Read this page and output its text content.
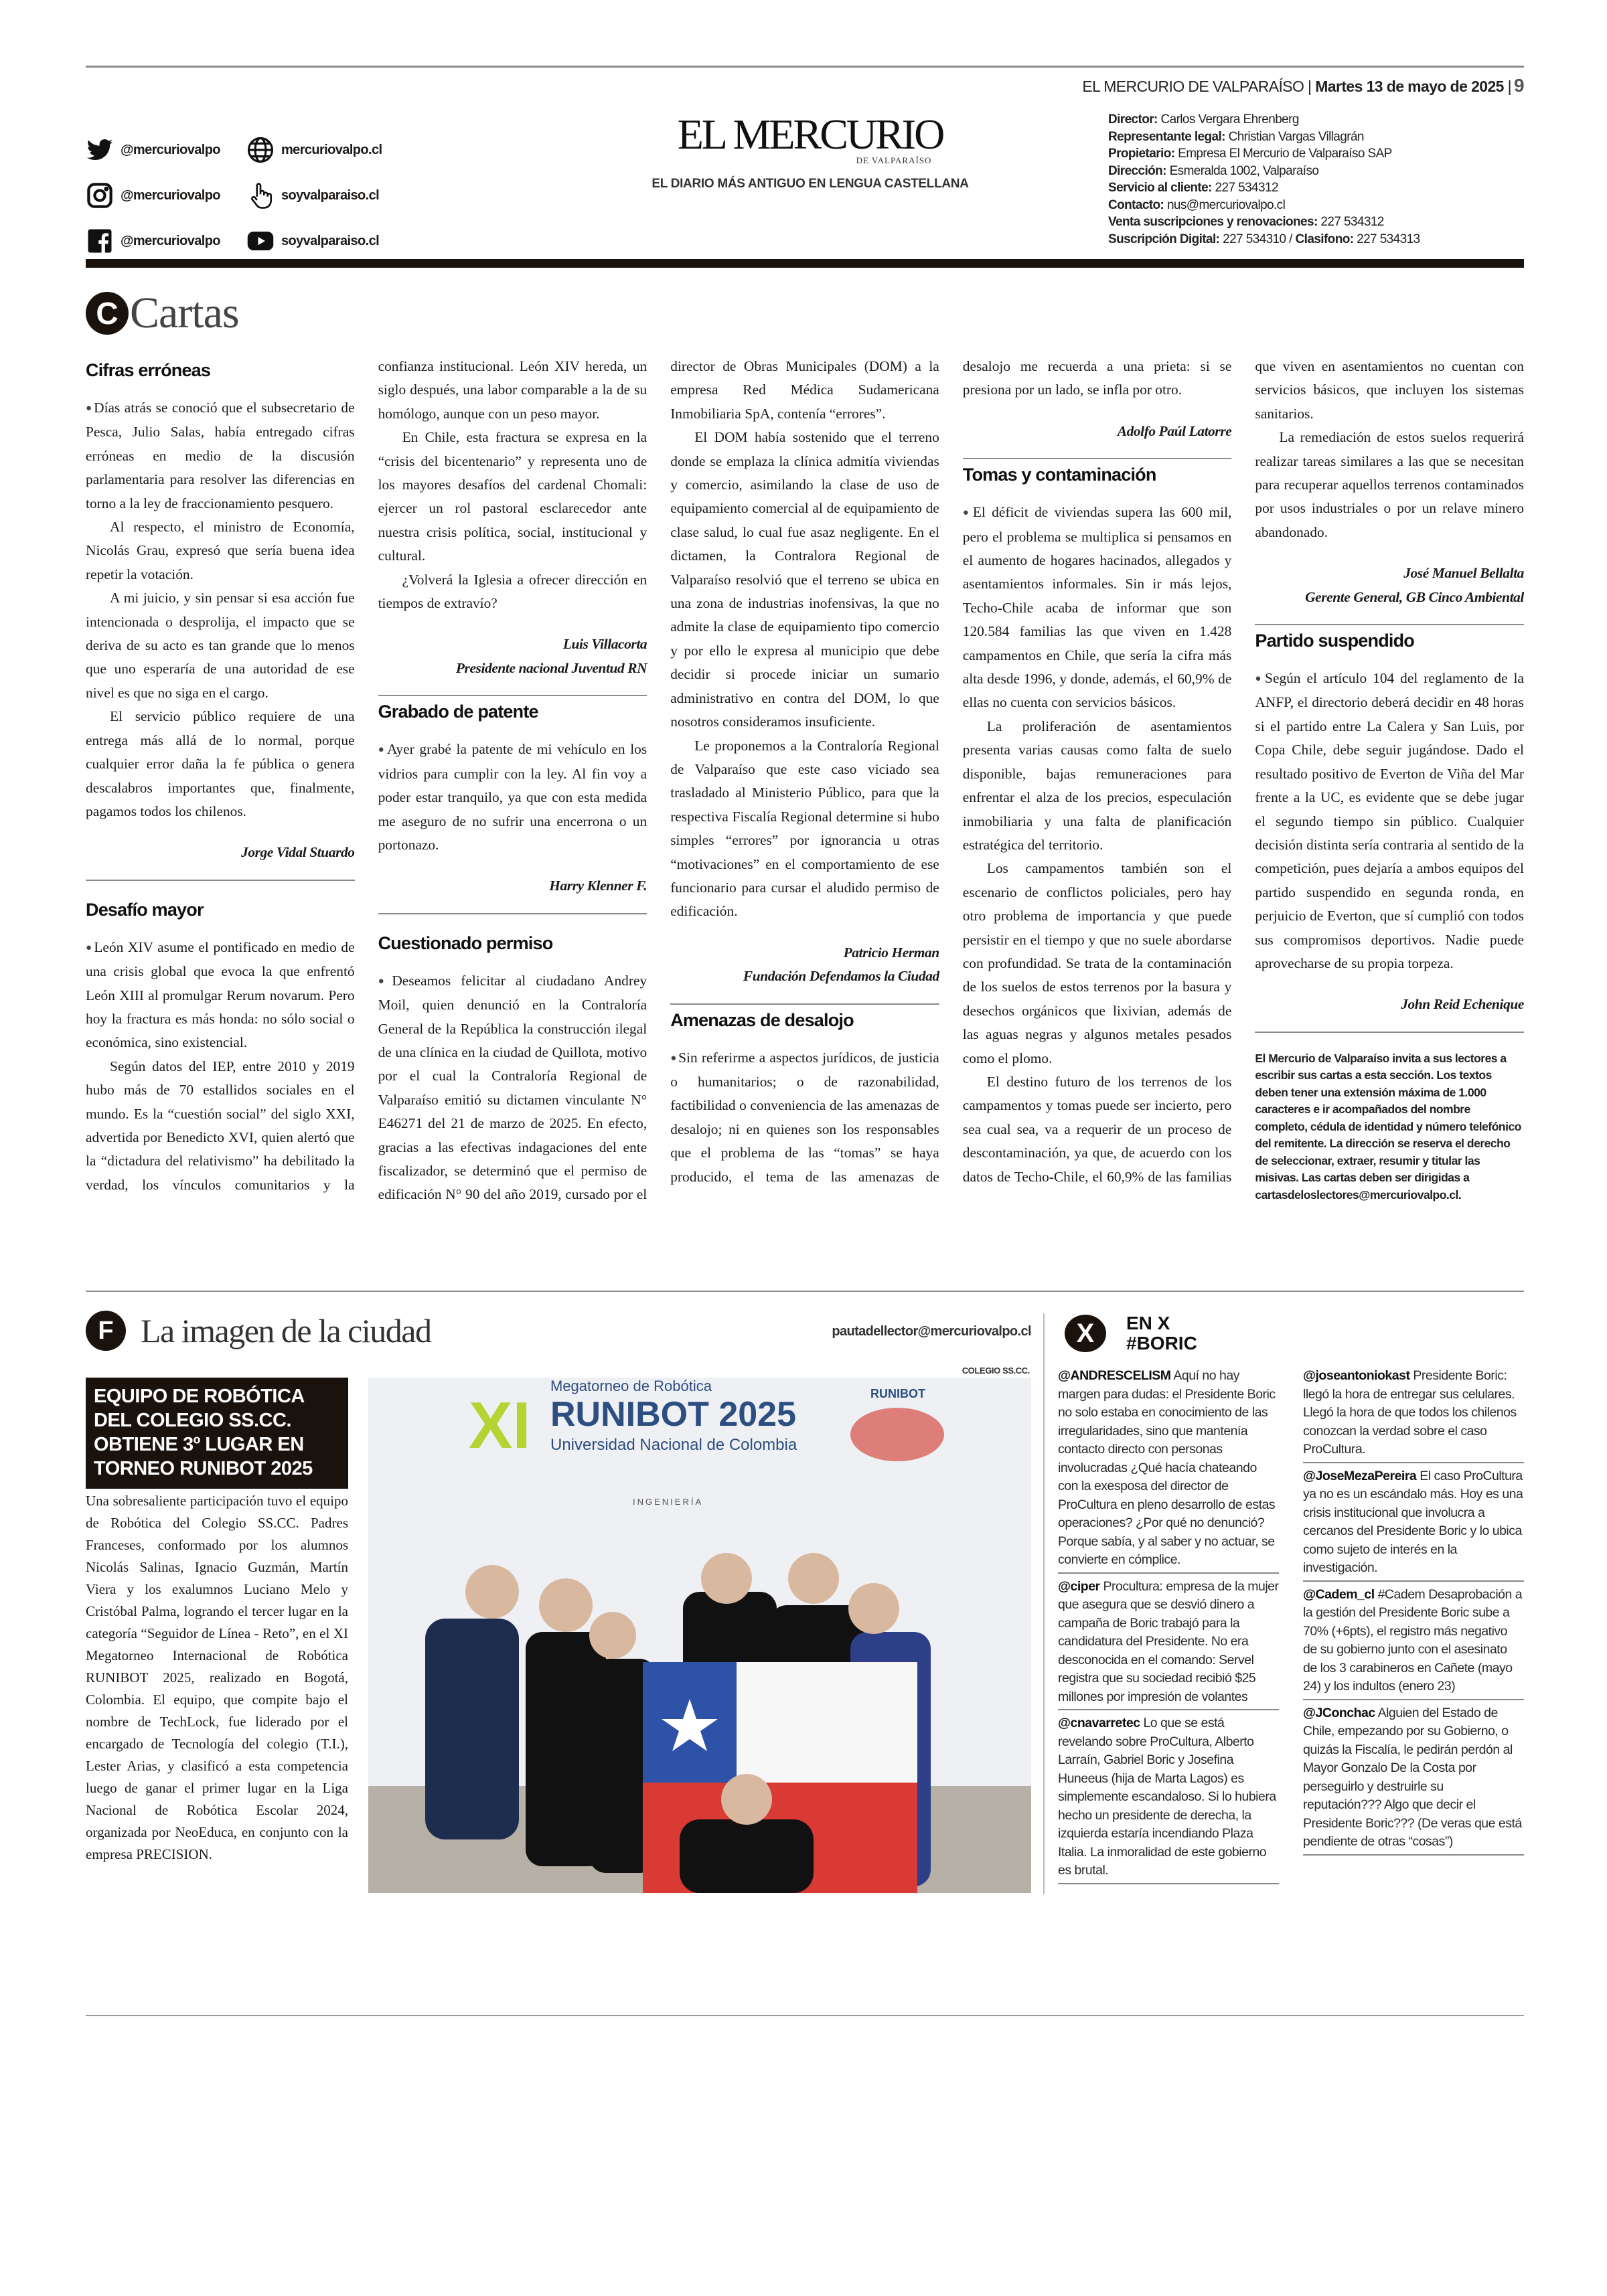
EL MERCURIO DE VALPARAÍSO | Martes 13 de mayo de 2025 | 9
@mercuriovalpo	mercuriovalpo.cl
@mercuriovalpo	soyvalparaiso.cl
@mercuriovalpo	soyvalparaiso.cl
EL MERCURIO
DE VALPARAÍSO
EL DIARIO MÁS ANTIGUO EN LENGUA CASTELLANA
Director: Carlos Vergara Ehrenberg
Representante legal: Christian Vargas Villagrán
Propietario: Empresa El Mercurio de Valparaíso SAP
Dirección: Esmeralda 1002, Valparaíso
Servicio al cliente: 227 534312
Contacto: nus@mercuriovalpo.cl
Venta suscripciones y renovaciones: 227 534312
Suscripción Digital: 227 534310 / Clasifono: 227 534313
C Cartas
Cifras erróneas

● Días atrás se conoció que el subsecretario de Pesca, Julio Salas, había entregado cifras erróneas en medio de la discusión parlamentaria para resolver las diferencias en torno a la ley de fraccionamiento pesquero.

Al respecto, el ministro de Economía, Nicolás Grau, expresó que sería buena idea repetir la votación.

A mi juicio, y sin pensar si esa acción fue intencionada o desprolija, el impacto que se deriva de su acto es tan grande que lo menos que uno esperaría de una autoridad de ese nivel es que no siga en el cargo.

El servicio público requiere de una entrega más allá de lo normal, porque cualquier error daña la fe pública o genera descalabros importantes que, finalmente, pagamos todos los chilenos.

Jorge Vidal Stuardo
Desafío mayor

● León XIV asume el pontificado en medio de una crisis global que evoca la que enfrentó León XIII al promulgar Rerum novarum. Pero hoy la fractura es más honda: no sólo social o económica, sino existencial.

Según datos del IEP, entre 2010 y 2019 hubo más de 70 estallidos sociales en el mundo. Es la “cuestión social” del siglo XXI, advertida por Benedicto XVI, quien alertó que la “dictadura del relativismo” ha debilitado la verdad, los vínculos comunitarios y la confianza institucional. León XIV hereda, un siglo después, una labor comparable a la de su homólogo, aunque con un peso mayor.

En Chile, esta fractura se expresa en la “crisis del bicentenario” y representa uno de los mayores desafíos del cardenal Chomali: ejercer un rol pastoral esclarecedor ante nuestra crisis política, social, institucional y cultural.

¿Volverá la Iglesia a ofrecer dirección en tiempos de extravío?

Luis Villacorta
Presidente nacional Juventud RN
Grabado de patente

● Ayer grabé la patente de mi vehículo en los vidrios para cumplir con la ley. Al fin voy a poder estar tranquilo, ya que con esta medida me aseguro de no sufrir una encerrona o un portonazo.

Harry Klenner F.
Cuestionado permiso

● Deseamos felicitar al ciudadano Andrey Moil, quien denunció en la Contraloría General de la República la construcción ilegal de una clínica en la ciudad de Quillota, motivo por el cual la Contraloría Regional de Valparaíso emitió su dictamen vinculante N° E46271 del 21 de marzo de 2025. En efecto, gracias a las efectivas indagaciones del ente fiscalizador, se determinó que el permiso de edificación N° 90 del año 2019, cursado por el director de Obras Municipales (DOM) a la empresa Red Médica Sudamericana Inmobiliaria SpA, contenía “errores”.

El DOM había sostenido que el terreno donde se emplaza la clínica admitía viviendas y comercio, asimilando la clase de uso de equipamiento comercial al de equipamiento de clase salud, lo cual fue asaz negligente. En el dictamen, la Contralora Regional de Valparaíso resolvió que el terreno se ubica en una zona de industrias inofensivas, la que no admite la clase de equipamiento tipo comercio y por ello le expresa al municipio que debe decidir si procede iniciar un sumario administrativo en contra del DOM, lo que nosotros consideramos insuficiente.

Le proponemos a la Contraloría Regional de Valparaíso que este caso viciado sea trasladado al Ministerio Público, para que la respectiva Fiscalía Regional determine si hubo simples “errores” por ignorancia u otras “motivaciones” en el comportamiento de ese funcionario para cursar el aludido permiso de edificación.

Patricio Herman
Fundación Defendamos la Ciudad
Amenazas de desalojo

● Sin referirme a aspectos jurídicos, de justicia o humanitarios; o de razonabilidad, factibilidad o conveniencia de las amenazas de desalojo; ni en quienes son los responsables que el problema de las “tomas” se haya producido, el tema de las amenazas de desalojo me recuerda a una prieta: si se presiona por un lado, se infla por otro.

Adolfo Paúl Latorre
Tomas y contaminación

● El déficit de viviendas supera las 600 mil, pero el problema se multiplica si pensamos en el aumento de hogares hacinados, allegados y asentamientos informales. Sin ir más lejos, Techo-Chile acaba de informar que son 120.584 familias las que viven en 1.428 campamentos en Chile, que sería la cifra más alta desde 1996, y donde, además, el 60,9% de ellas no cuenta con servicios básicos.

La proliferación de asentamientos presenta varias causas como falta de suelo disponible, bajas remuneraciones para enfrentar el alza de los precios, especulación inmobiliaria y una falta de planificación estratégica del territorio.

Los campamentos también son el escenario de conflictos policiales, pero hay otro problema de importancia y que puede persistir en el tiempo y que no suele abordarse con profundidad. Se trata de la contaminación de los suelos de estos terrenos por la basura y desechos orgánicos que lixivian, además de las aguas negras y algunos metales pesados como el plomo.

El destino futuro de los terrenos de los campamentos y tomas puede ser incierto, pero sea cual sea, va a requerir de un proceso de descontaminación, ya que, de acuerdo con los datos de Techo-Chile, el 60,9% de las familias que viven en asentamientos no cuentan con servicios básicos, que incluyen los sistemas sanitarios.

La remediación de estos suelos requerirá realizar tareas similares a las que se necesitan para recuperar aquellos terrenos contaminados por usos industriales o por un relave minero abandonado.

José Manuel Bellalta
Gerente General, GB Cinco Ambiental
Partido suspendido

● Según el artículo 104 del reglamento de la ANFP, el directorio deberá decidir en 48 horas si el partido entre La Calera y San Luis, por Copa Chile, debe seguir jugándose. Dado el resultado positivo de Everton de Viña del Mar frente a la UC, es evidente que se debe jugar el segundo tiempo sin público. Cualquier decisión distinta sería contraria al sentido de la competición, pues dejaría a ambos equipos del partido suspendido en segunda ronda, en perjuicio de Everton, que sí cumplió con todos sus compromisos deportivos. Nadie puede aprovecharse de su propia torpeza.

John Reid Echenique
El Mercurio de Valparaíso invita a sus lectores a escribir sus cartas a esta sección. Los textos deben tener una extensión máxima de 1.000 caracteres e ir acompañados del nombre completo, cédula de identidad y número telefónico del remitente. La dirección se reserva el derecho de seleccionar, extraer, resumir y titular las misivas. Las cartas deben ser dirigidas a cartasdeloslectores@mercuriovalpo.cl.
F La imagen de la ciudad	pautadellector@mercuriovalpo.cl
EQUIPO DE ROBÓTICA DEL COLEGIO SS.CC. OBTIENE 3º LUGAR EN TORNEO RUNIBOT 2025
Una sobresaliente participación tuvo el equipo de Robótica del Colegio SS.CC. Padres Franceses, conformado por los alumnos Nicolás Salinas, Ignacio Guzmán, Martín Viera y los exalumnos Luciano Melo y Cristóbal Palma, logrando el tercer lugar en la categoría “Seguidor de Línea - Reto”, en el XI Megatorneo Internacional de Robótica RUNIBOT 2025, realizado en Bogotá, Colombia. El equipo, que compite bajo el nombre de TechLock, fue liderado por el encargado de Tecnología del colegio (T.I.), Lester Arias, y clasificó a esta competencia luego de ganar el primer lugar en la Liga Nacional de Robótica Escolar 2024, organizada por NeoEduca, en conjunto con la empresa PRECISION.
COLEGIO SS.CC.
XI
Megatorneo de Robótica
RUNIBOT 2025
Universidad Nacional de Colombia
RUNIBOT
INGENIERÍA
X	EN X
#BORIC
@ANDRESCELISM Aquí no hay margen para dudas: el Presidente Boric no solo estaba en conocimiento de las irregularidades, sino que mantenía contacto directo con personas involucradas ¿Qué hacía chateando con la exesposa del director de ProCultura en pleno desarrollo de estas operaciones? ¿Por qué no denunció? Porque sabía, y al saber y no actuar, se convierte en cómplice.
@ciper Procultura: empresa de la mujer que asegura que se desvió dinero a campaña de Boric trabajó para la candidatura del Presidente. No era desconocida en el comando: Servel registra que su sociedad recibió $25 millones por impresión de volantes
@cnavarretec Lo que se está revelando sobre ProCultura, Alberto Larraín, Gabriel Boric y Josefina Huneeus (hija de Marta Lagos) es simplemente escandaloso. Si lo hubiera hecho un presidente de derecha, la izquierda estaría incendiando Plaza Italia. La inmoralidad de este gobierno es brutal.
@joseantoniokast Presidente Boric: llegó la hora de entregar sus celulares. Llegó la hora de que todos los chilenos conozcan la verdad sobre el caso ProCultura.
@JoseMezaPereira El caso ProCultura ya no es un escándalo más. Hoy es una crisis institucional que involucra a cercanos del Presidente Boric y lo ubica como sujeto de interés en la investigación.
@Cadem_cl #Cadem Desaprobación a la gestión del Presidente Boric sube a 70% (+6pts), el registro más negativo de su gobierno junto con el asesinato de los 3 carabineros en Cañete (mayo 24) y los indultos (enero 23)
@JConchac Alguien del Estado de Chile, empezando por su Gobierno, o quizás la Fiscalía, le pedirán perdón al Mayor Gonzalo De la Costa por perseguirlo y destruirle su reputación??? Algo que decir el Presidente Boric??? (De veras que está pendiente de otras “cosas”)
